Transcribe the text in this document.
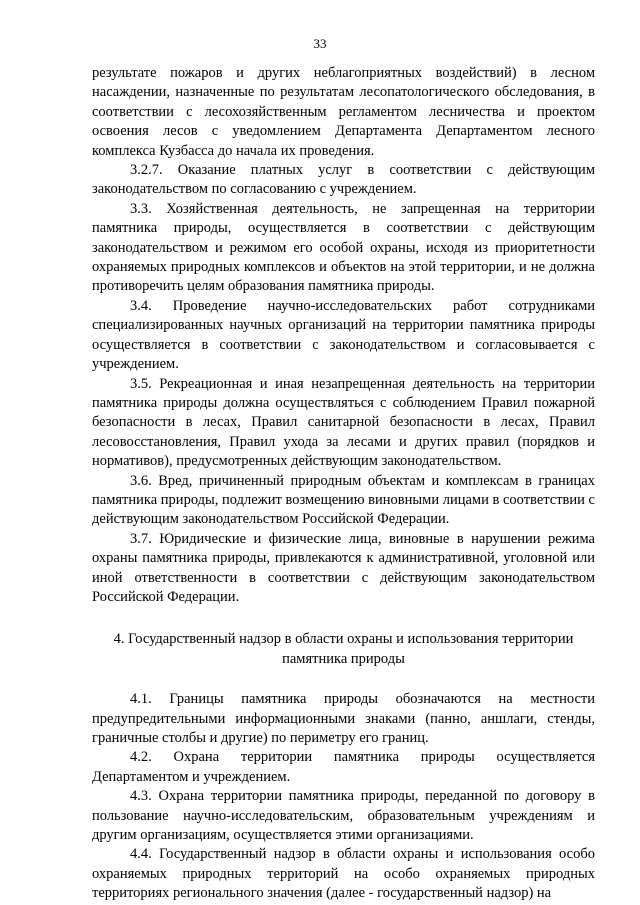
33

результате пожаров и других неблагоприятных воздействий) в лесном насаждении, назначенные по результатам лесопатологического обследования, в соответствии с лесохозяйственным регламентом лесничества и проектом освоения лесов с уведомлением Департамента Департаментом лесного комплекса Кузбасса до начала их проведения.

3.2.7. Оказание платных услуг в соответствии с действующим законодательством по согласованию с учреждением.

3.3. Хозяйственная деятельность, не запрещенная на территории памятника природы, осуществляется в соответствии с действующим законодательством и режимом его особой охраны, исходя из приоритетности охраняемых природных комплексов и объектов на этой территории, и не должна противоречить целям образования памятника природы.

3.4. Проведение научно-исследовательских работ сотрудниками специализированных научных организаций на территории памятника природы осуществляется в соответствии с законодательством и согласовывается с учреждением.

3.5. Рекреационная и иная незапрещенная деятельность на территории памятника природы должна осуществляться с соблюдением Правил пожарной безопасности в лесах, Правил санитарной безопасности в лесах, Правил лесовосстановления, Правил ухода за лесами и других правил (порядков и нормативов), предусмотренных действующим законодательством.

3.6. Вред, причиненный природным объектам и комплексам в границах памятника природы, подлежит возмещению виновными лицами в соответствии с действующим законодательством Российской Федерации.

3.7. Юридические и физические лица, виновные в нарушении режима охраны памятника природы, привлекаются к административной, уголовной или иной ответственности в соответствии с действующим законодательством Российской Федерации.

4. Государственный надзор в области охраны и использования территории
памятника природы

4.1. Границы памятника природы обозначаются на местности предупредительными информационными знаками (панно, аншлаги, стенды, граничные столбы и другие) по периметру его границ.

4.2. Охрана территории памятника природы осуществляется Департаментом и учреждением.

4.3. Охрана территории памятника природы, переданной по договору в пользование научно-исследовательским, образовательным учреждениям и другим организациям, осуществляется этими организациями.

4.4. Государственный надзор в области охраны и использования особо охраняемых природных территорий на особо охраняемых природных территориях регионального значения (далее - государственный надзор) на
